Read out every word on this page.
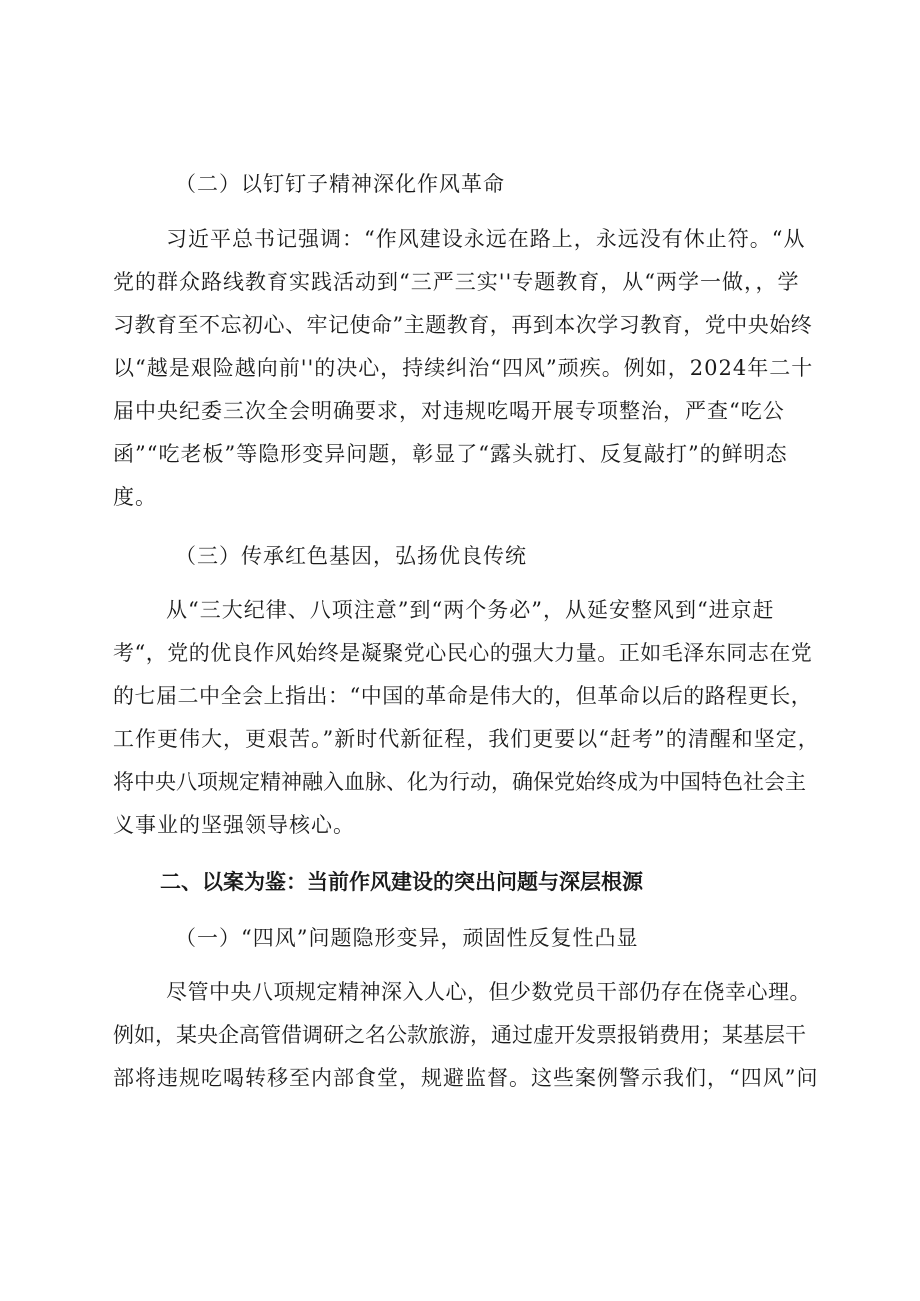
（二）以钉钉子精神深化作风革命
习近平总书记强调：“作风建设永远在路上，永远没有休止符。“从
党的群众路线教育实践活动到“三严三实''专题教育，从“两学一做，，学
习教育至不忘初心、牢记使命”主题教育，再到本次学习教育，党中央始终
以“越是艰险越向前''的决心，持续纠治“四风”顽疾。例如，2024年二十
届中央纪委三次全会明确要求，对违规吃喝开展专项整治，严查“吃公
函”“吃老板”等隐形变异问题，彰显了“露头就打、反复敲打”的鲜明态
度。
（三）传承红色基因，弘扬优良传统
从“三大纪律、八项注意”到“两个务必”，从延安整风到“进京赶
考“，党的优良作风始终是凝聚党心民心的强大力量。正如毛泽东同志在党
的七届二中全会上指出：“中国的革命是伟大的，但革命以后的路程更长，
工作更伟大，更艰苦。”新时代新征程，我们更要以“赶考”的清醒和坚定，
将中央八项规定精神融入血脉、化为行动，确保党始终成为中国特色社会主
义事业的坚强领导核心。
二、以案为鉴：当前作风建设的突出问题与深层根源
（一）“四风”问题隐形变异，顽固性反复性凸显
尽管中央八项规定精神深入人心，但少数党员干部仍存在侥幸心理。
例如，某央企高管借调研之名公款旅游，通过虚开发票报销费用；某基层干
部将违规吃喝转移至内部食堂，规避监督。这些案例警示我们，“四风”问
